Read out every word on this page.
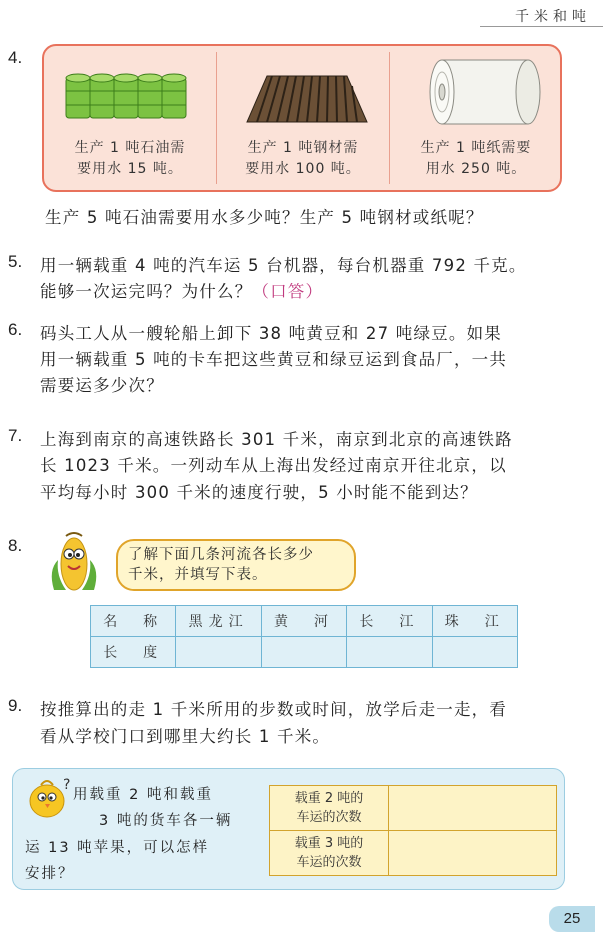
千米和吨
4.
生产 1 吨石油需
要用水 15 吨。
生产 1 吨钢材需
要用水 100 吨。
生产 1 吨纸需要
用水 250 吨。
生产 5 吨石油需要用水多少吨？生产 5 吨钢材或纸呢？
5. 用一辆载重 4 吨的汽车运 5 台机器，每台机器重 792 千克。
能够一次运完吗？为什么？（口答）
6. 码头工人从一艘轮船上卸下 38 吨黄豆和 27 吨绿豆。如果
用一辆载重 5 吨的卡车把这些黄豆和绿豆运到食品厂，一共
需要运多少次？
7. 上海到南京的高速铁路长 301 千米，南京到北京的高速铁路
长 1023 千米。一列动车从上海出发经过南京开往北京，以
平均每小时 300 千米的速度行驶，5 小时能不能到达？
8.	了解下面几条河流各长多少
千米，并填写下表。
名　称	黑龙江	黄　河	长　江	珠　江
长　度				
9. 按推算出的走 1 千米所用的步数或时间，放学后走一走，看
看从学校门口到哪里大约长 1 千米。
?
用载重 2 吨和载重
3 吨的货车各一辆
运 13 吨苹果，可以怎样
安排？
载重 2 吨的
车运的次数	

载重 3 吨的
车运的次数	

25
